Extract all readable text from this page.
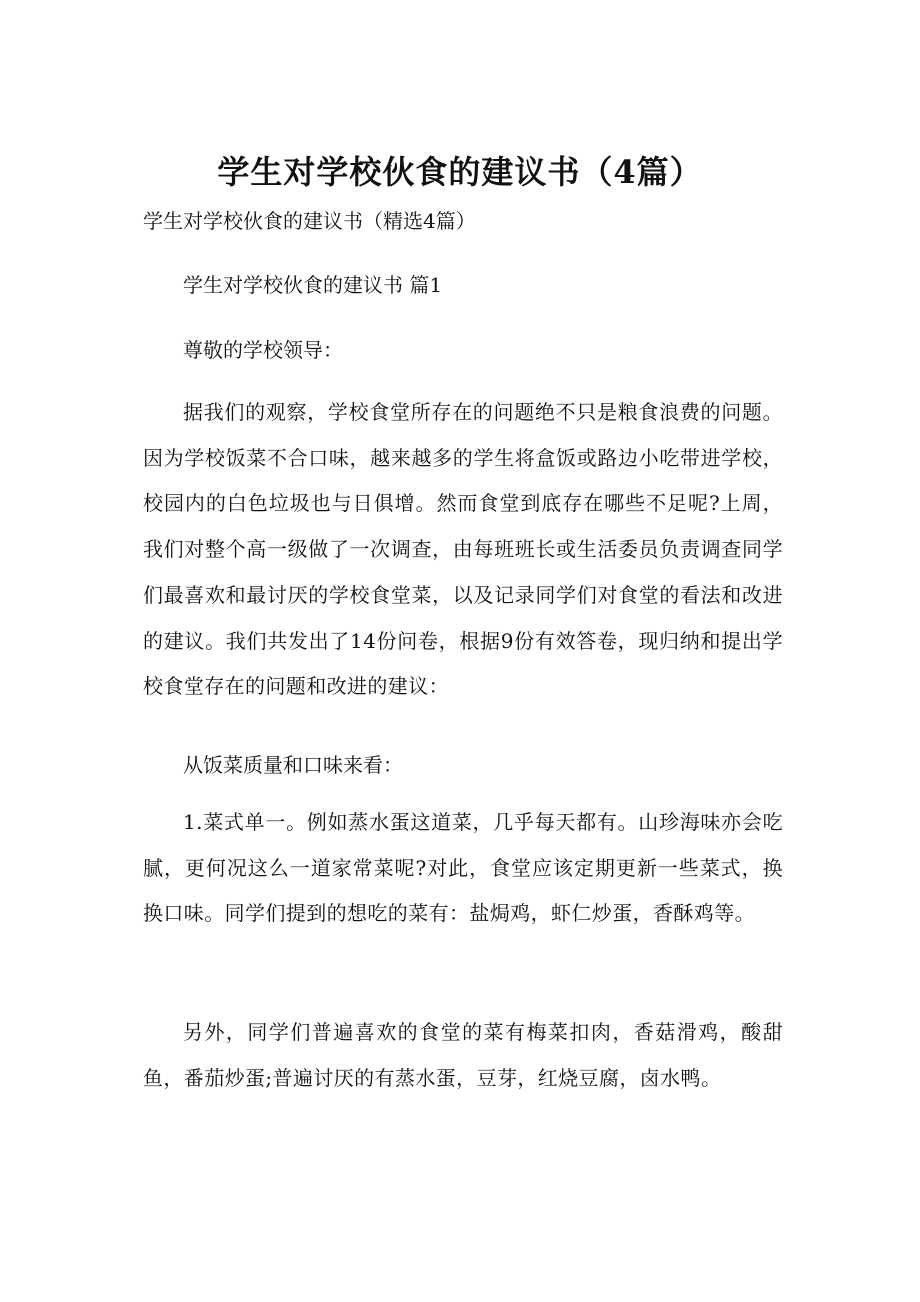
学生对学校伙食的建议书（4篇）

学生对学校伙食的建议书（精选4篇）

学生对学校伙食的建议书 篇1

尊敬的学校领导：

据我们的观察，学校食堂所存在的问题绝不只是粮食浪费的问题。因为学校饭菜不合口味，越来越多的学生将盒饭或路边小吃带进学校，校园内的白色垃圾也与日俱增。然而食堂到底存在哪些不足呢?上周，我们对整个高一级做了一次调查，由每班班长或生活委员负责调查同学们最喜欢和最讨厌的学校食堂菜，以及记录同学们对食堂的看法和改进的建议。我们共发出了14份问卷，根据9份有效答卷，现归纳和提出学校食堂存在的问题和改进的建议：

从饭菜质量和口味来看：

1.菜式单一。例如蒸水蛋这道菜，几乎每天都有。山珍海味亦会吃腻，更何况这么一道家常菜呢?对此，食堂应该定期更新一些菜式，换换口味。同学们提到的想吃的菜有：盐焗鸡，虾仁炒蛋，香酥鸡等。

另外，同学们普遍喜欢的食堂的菜有梅菜扣肉，香菇滑鸡，酸甜鱼，番茄炒蛋;普遍讨厌的有蒸水蛋，豆芽，红烧豆腐，卤水鸭。
